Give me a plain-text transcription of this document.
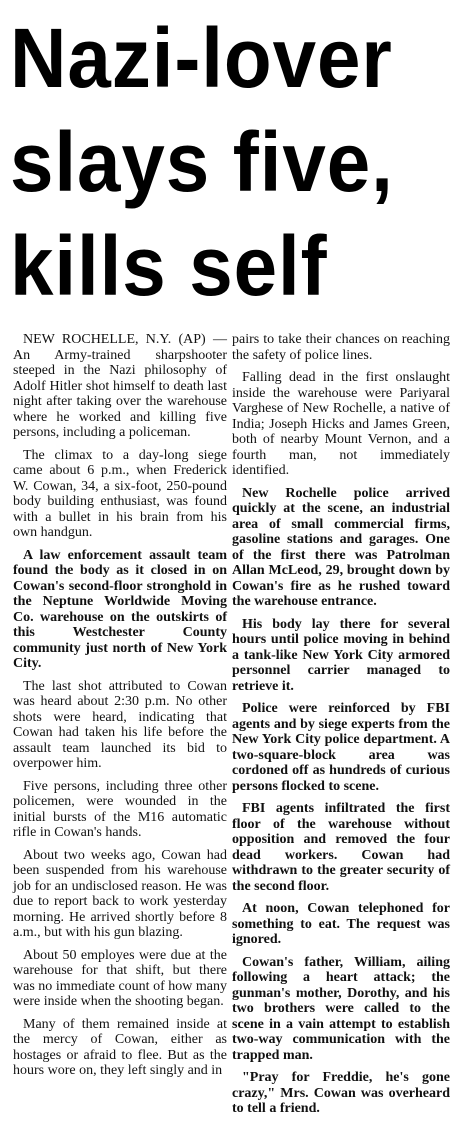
Nazi-lover
slays five,
kills self

NEW ROCHELLE, N.Y. (AP) — An Army-trained sharpshooter steeped in the Nazi philosophy of Adolf Hitler shot himself to death last night after taking over the warehouse where he worked and killing five persons, including a policeman.

The climax to a day-long siege came about 6 p.m., when Frederick W. Cowan, 34, a six-foot, 250-pound body building enthusiast, was found with a bullet in his brain from his own handgun.

A law enforcement assault team found the body as it closed in on Cowan's second-floor stronghold in the Neptune Worldwide Moving Co. warehouse on the outskirts of this Westchester County community just north of New York City.

The last shot attributed to Cowan was heard about 2:30 p.m. No other shots were heard, indicating that Cowan had taken his life before the assault team launched its bid to overpower him.

Five persons, including three other policemen, were wounded in the initial bursts of the M16 automatic rifle in Cowan's hands.

About two weeks ago, Cowan had been suspended from his warehouse job for an undisclosed reason. He was due to report back to work yesterday morning. He arrived shortly before 8 a.m., but with his gun blazing.

About 50 employes were due at the warehouse for that shift, but there was no immediate count of how many were inside when the shooting began.

Many of them remained inside at the mercy of Cowan, either as hostages or afraid to flee. But as the hours wore on, they left singly and in

pairs to take their chances on reaching the safety of police lines.

Falling dead in the first onslaught inside the warehouse were Pariyaral Varghese of New Rochelle, a native of India; Joseph Hicks and James Green, both of nearby Mount Vernon, and a fourth man, not immediately identified.

New Rochelle police arrived quickly at the scene, an industrial area of small commercial firms, gasoline stations and garages. One of the first there was Patrolman Allan McLeod, 29, brought down by Cowan's fire as he rushed toward the warehouse entrance.

His body lay there for several hours until police moving in behind a tank-like New York City armored personnel carrier managed to retrieve it.

Police were reinforced by FBI agents and by siege experts from the New York City police department. A two-square-block area was cordoned off as hundreds of curious persons flocked to scene.

FBI agents infiltrated the first floor of the warehouse without opposition and removed the four dead workers. Cowan had withdrawn to the greater security of the second floor.

At noon, Cowan telephoned for something to eat. The request was ignored.

Cowan's father, William, ailing following a heart attack; the gunman's mother, Dorothy, and his two brothers were called to the scene in a vain attempt to establish two-way communication with the trapped man.

"Pray for Freddie, he's gone crazy," Mrs. Cowan was overheard to tell a friend.
